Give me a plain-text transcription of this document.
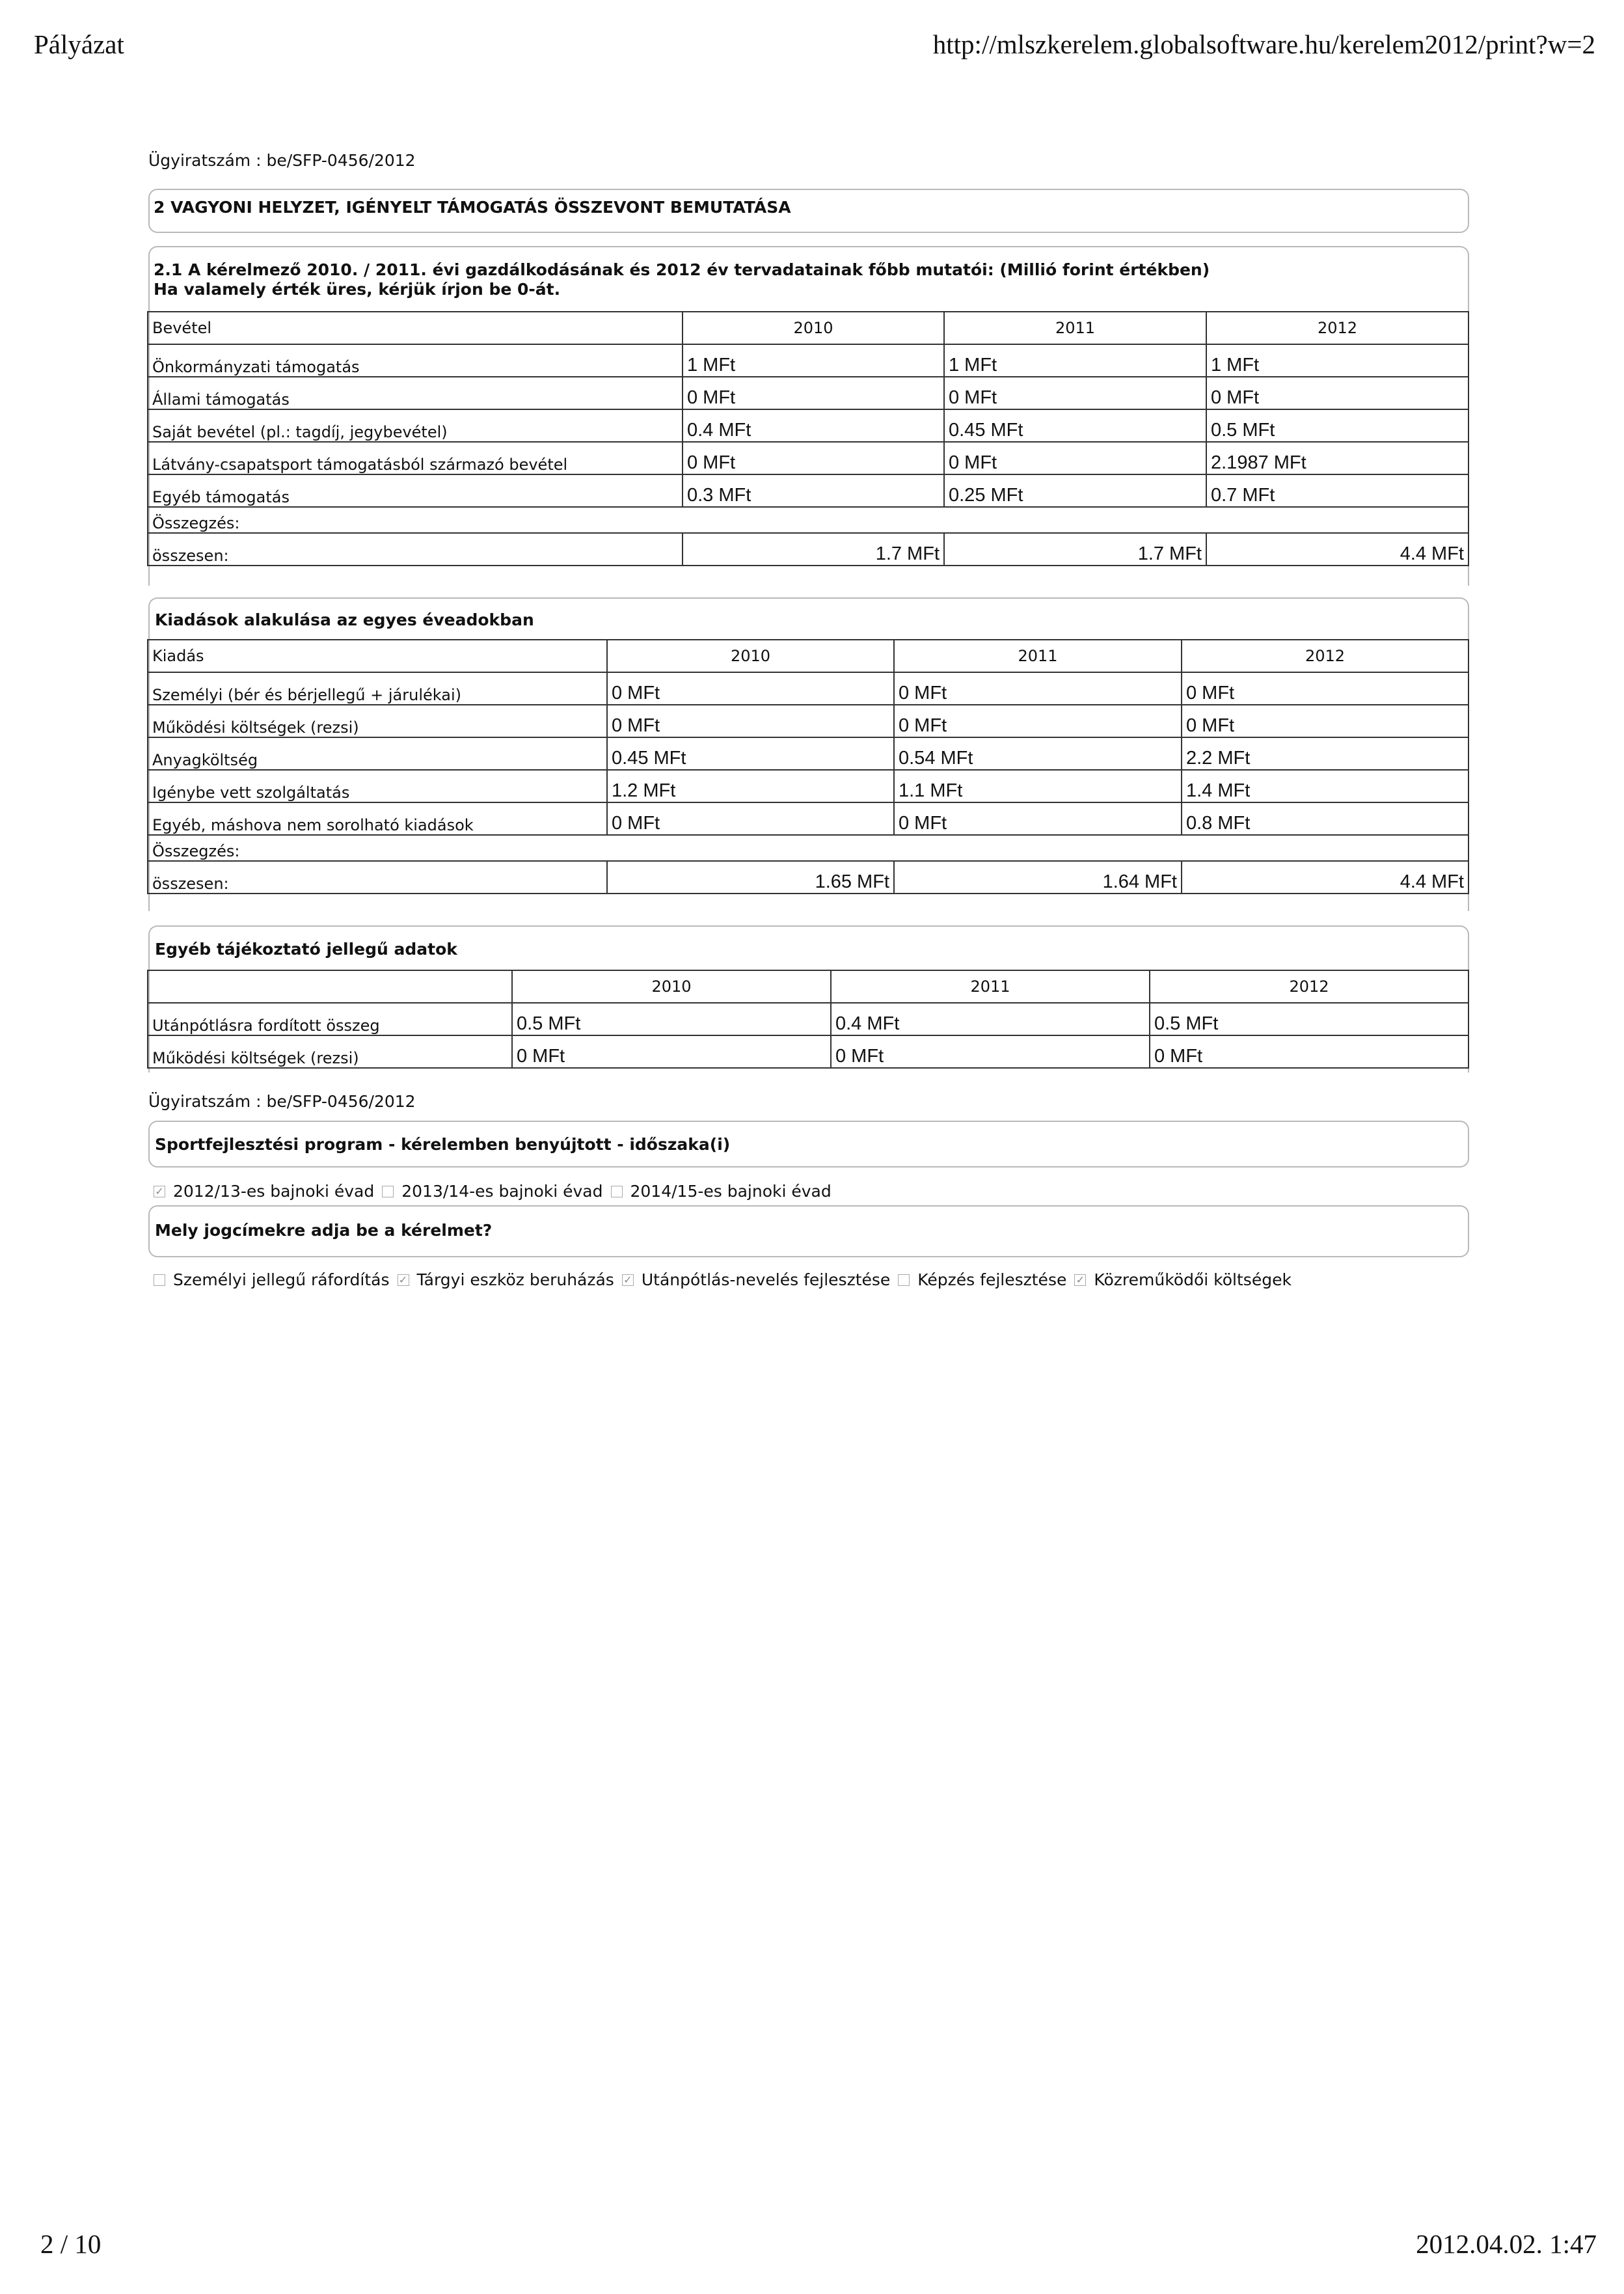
Pályázat	http://mlszkerelem.globalsoftware.hu/kerelem2012/print?w=2
Ügyiratszám : be/SFP-0456/2012
2 VAGYONI HELYZET, IGÉNYELT TÁMOGATÁS ÖSSZEVONT BEMUTATÁSA
2.1 A kérelmező 2010. / 2011. évi gazdálkodásának és 2012 év tervadatainak főbb mutatói: (Millió forint értékben)
Ha valamely érték üres, kérjük írjon be 0-át.
Bevétel	2010	2011	2012
Önkormányzati támogatás	1 MFt	1 MFt	1 MFt
Állami támogatás	0 MFt	0 MFt	0 MFt
Saját bevétel (pl.: tagdíj, jegybevétel)	0.4 MFt	0.45 MFt	0.5 MFt
Látvány-csapatsport támogatásból származó bevétel	0 MFt	0 MFt	2.1987 MFt
Egyéb támogatás	0.3 MFt	0.25 MFt	0.7 MFt
Összegzés:			
összesen:	1.7 MFt	1.7 MFt	4.4 MFt
Kiadások alakulása az egyes éveadokban
Kiadás	2010	2011	2012
Személyi (bér és bérjellegű + járulékai)	0 MFt	0 MFt	0 MFt
Működési költségek (rezsi)	0 MFt	0 MFt	0 MFt
Anyagköltség	0.45 MFt	0.54 MFt	2.2 MFt
Igénybe vett szolgáltatás	1.2 MFt	1.1 MFt	1.4 MFt
Egyéb, máshova nem sorolható kiadások	0 MFt	0 MFt	0.8 MFt
Összegzés:			
összesen:	1.65 MFt	1.64 MFt	4.4 MFt
Egyéb tájékoztató jellegű adatok
	2010	2011	2012
Utánpótlásra fordított összeg	0.5 MFt	0.4 MFt	0.5 MFt
Működési költségek (rezsi)	0 MFt	0 MFt	0 MFt
Ügyiratszám : be/SFP-0456/2012
Sportfejlesztési program - kérelemben benyújtott - időszaka(i)
✓ 2012/13-es bajnoki évad 2013/14-es bajnoki évad 2014/15-es bajnoki évad
Mely jogcímekre adja be a kérelmet?
Személyi jellegű ráfordítás ✓ Tárgyi eszköz beruházás ✓ Utánpótlás-nevelés fejlesztése Képzés fejlesztése ✓ Közreműködői költségek
2 / 10	2012.04.02. 1:47
